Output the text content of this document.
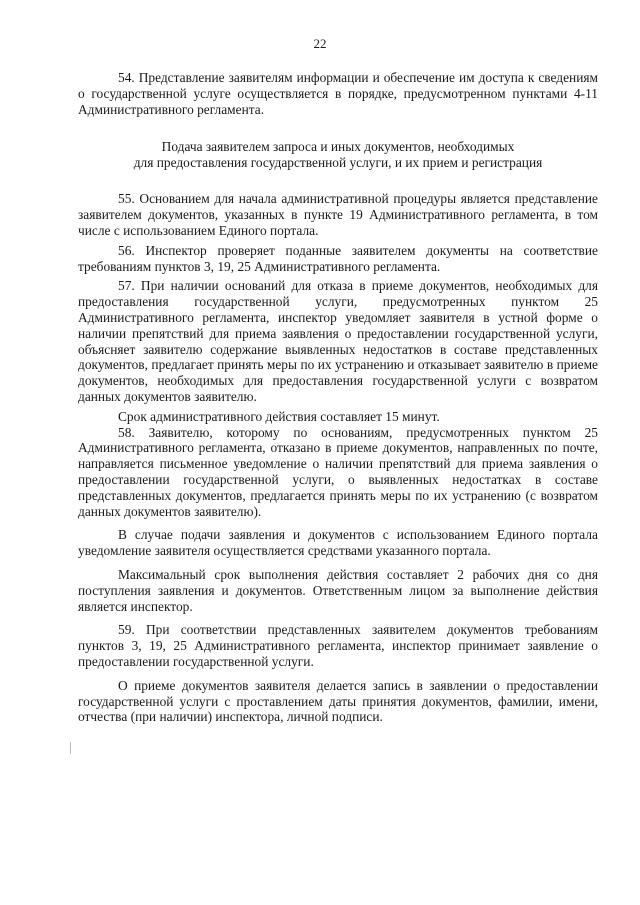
22

54. Представление заявителям информации и обеспечение им доступа к сведениям о государственной услуге осуществляется в порядке, предусмотренном пунктами 4-11 Административного регламента.

Подача заявителем запроса и иных документов, необходимых
для предоставления государственной услуги, и их прием и регистрация

55. Основанием для начала административной процедуры является представление заявителем документов, указанных в пункте 19 Административного регламента, в том числе с использованием Единого портала.

56. Инспектор проверяет поданные заявителем документы на соответствие требованиям пунктов 3, 19, 25 Административного регламента.

57. При наличии оснований для отказа в приеме документов, необходимых для предоставления государственной услуги, предусмотренных пунктом 25 Административного регламента, инспектор уведомляет заявителя в устной форме о наличии препятствий для приема заявления о предоставлении государственной услуги, объясняет заявителю содержание выявленных недостатков в составе представленных документов, предлагает принять меры по их устранению и отказывает заявителю в приеме документов, необходимых для предоставления государственной услуги с возвратом данных документов заявителю.

Срок административного действия составляет 15 минут.

58. Заявителю, которому по основаниям, предусмотренных пунктом 25 Административного регламента, отказано в приеме документов, направленных по почте, направляется письменное уведомление о наличии препятствий для приема заявления о предоставлении государственной услуги, о выявленных недостатках в составе представленных документов, предлагается принять меры по их устранению (с возвратом данных документов заявителю).

В случае подачи заявления и документов с использованием Единого портала уведомление заявителя осуществляется средствами указанного портала.

Максимальный срок выполнения действия составляет 2 рабочих дня со дня поступления заявления и документов. Ответственным лицом за выполнение действия является инспектор.

59. При соответствии представленных заявителем документов требованиям пунктов 3, 19, 25 Административного регламента, инспектор принимает заявление о предоставлении государственной услуги.

О приеме документов заявителя делается запись в заявлении о предоставлении государственной услуги с проставлением даты принятия документов, фамилии, имени, отчества (при наличии) инспектора, личной подписи.
